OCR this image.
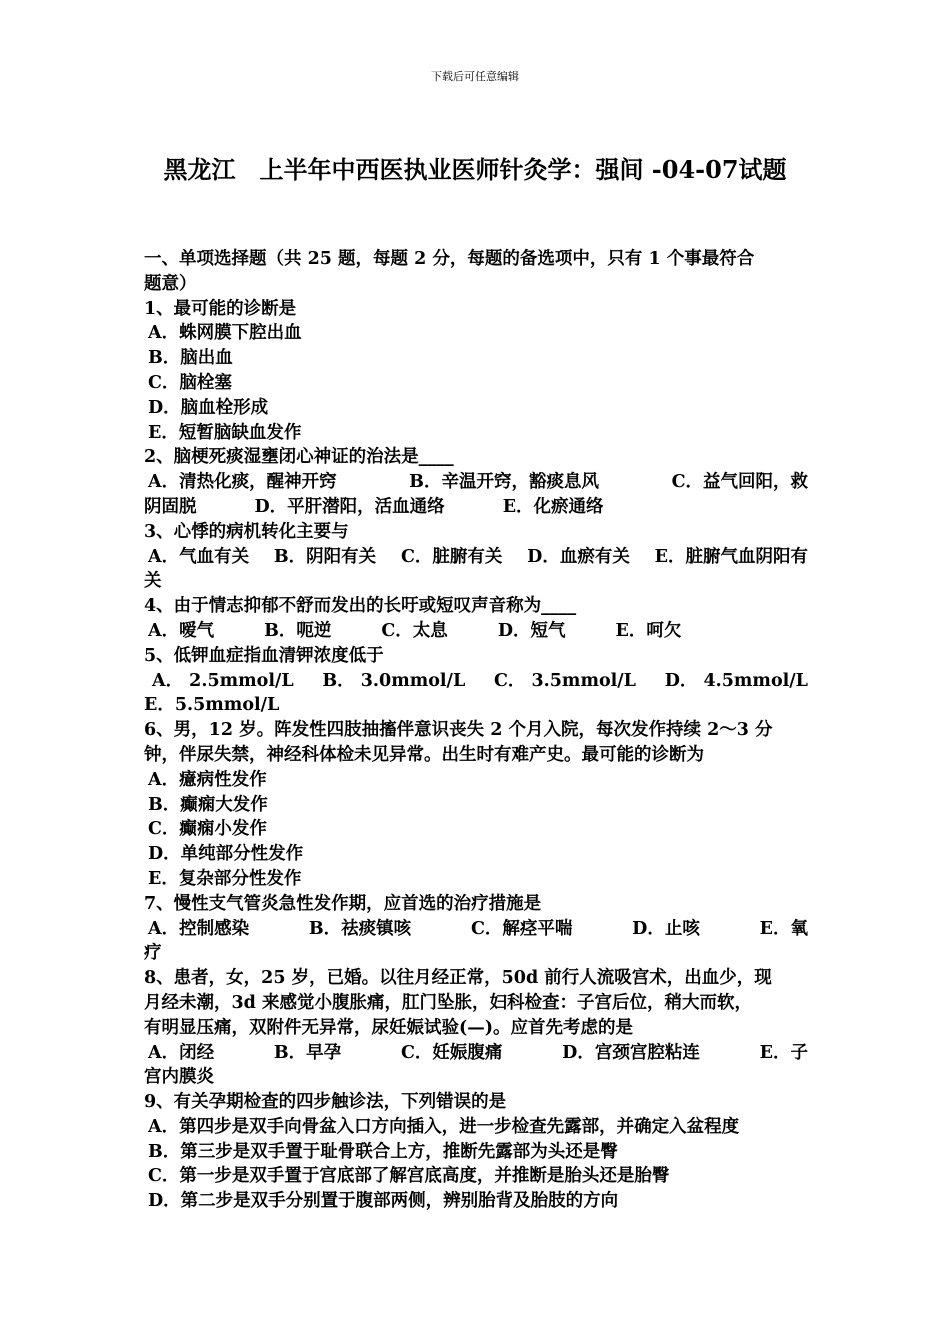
下载后可任意编辑
黑龙江　上半年中西医执业医师针灸学：强间 -04-07试题
一、单项选择题（共 25 题，每题 2 分，每题的备选项中，只有 1 个事最符合
题意）
1、最可能的诊断是
A．蛛网膜下腔出血
B．脑出血
C．脑栓塞
D．脑血栓形成
E．短暂脑缺血发作
2、脑梗死痰湿壅闭心神证的治法是____
A．清热化痰，醒神开窍	B．辛温开窍，豁痰息风	C．益气回阳，救
阴固脱	D．平肝潜阳，活血通络	E．化瘀通络
3、心悸的病机转化主要与
A．气血有关 B．阴阳有关 C．脏腑有关 D．血瘀有关 E．脏腑气血阴阳有
关
4、由于情志抑郁不舒而发出的长吁或短叹声音称为____
A．嗳气	B．呃逆	C．太息	D．短气	E．呵欠
5、低钾血症指血清钾浓度低于
A． 2.5mmol/L B． 3.0mmol/L C． 3.5mmol/L D． 4.5mmol/L
E．5.5mmol/L
6、男，12 岁。阵发性四肢抽搐伴意识丧失 2 个月入院，每次发作持续 2～3 分
钟，伴尿失禁，神经科体检未见异常。出生时有难产史。最可能的诊断为
A．癔病性发作
B．癫痫大发作
C．癫痫小发作
D．单纯部分性发作
E．复杂部分性发作
7、慢性支气管炎急性发作期，应首选的治疗措施是
A．控制感染	B．祛痰镇咳	C．解痉平喘	D．止咳	E．氧
疗
8、患者，女，25 岁，已婚。以往月经正常，50d 前行人流吸宫术，出血少，现
月经未潮，3d 来感觉小腹胀痛，肛门坠胀，妇科检查：子宫后位，稍大而软，
有明显压痛，双附件无异常，尿妊娠试验(—)。应首先考虑的是
A．闭经	B．早孕	C．妊娠腹痛	D．宫颈宫腔粘连	E．子
宫内膜炎
9、有关孕期检查的四步触诊法，下列错误的是
A．第四步是双手向骨盆入口方向插入，进一步检查先露部，并确定入盆程度
B．第三步是双手置于耻骨联合上方，推断先露部为头还是臀
C．第一步是双手置于宫底部了解宫底高度，并推断是胎头还是胎臀
D．第二步是双手分别置于腹部两侧，辨别胎背及胎肢的方向
